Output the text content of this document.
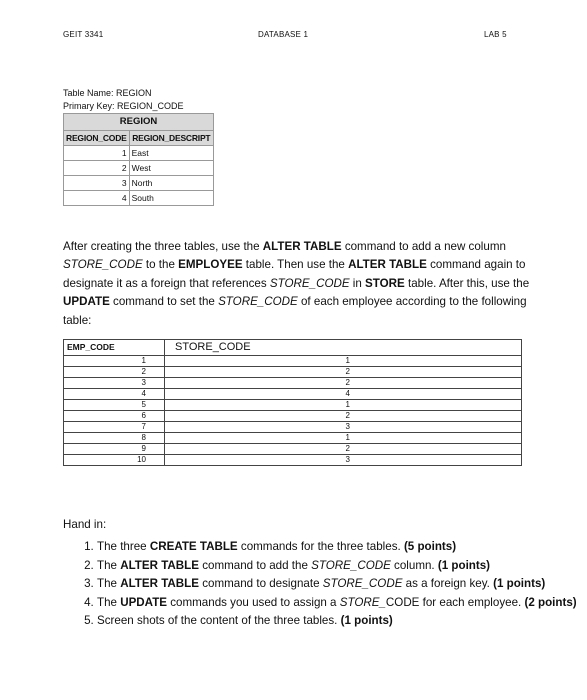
GEIT 3341	DATABASE 1	LAB 5
Table Name: REGION
Primary Key: REGION_CODE
REGION	
REGION_CODE	REGION_DESCRIPT
1	East
2	West
3	North
4	South
After creating the three tables, use the ALTER TABLE command to add a new column STORE_CODE to the EMPLOYEE table. Then use the ALTER TABLE command again to designate it as a foreign that references STORE_CODE in STORE table. After this, use the UPDATE command to set the STORE_CODE of each employee according to the following table:
EMP_CODE	STORE_CODE
1	1
2	2
3	2
4	4
5	1
6	2
7	3
8	1
9	2
10	3
Hand in:
1. The three CREATE TABLE commands for the three tables. (5 points)
2. The ALTER TABLE command to add the STORE_CODE column. (1 points)
3. The ALTER TABLE command to designate STORE_CODE as a foreign key. (1 points)
4. The UPDATE commands you used to assign a STORE_CODE for each employee. (2 points)
5. Screen shots of the content of the three tables. (1 points)
